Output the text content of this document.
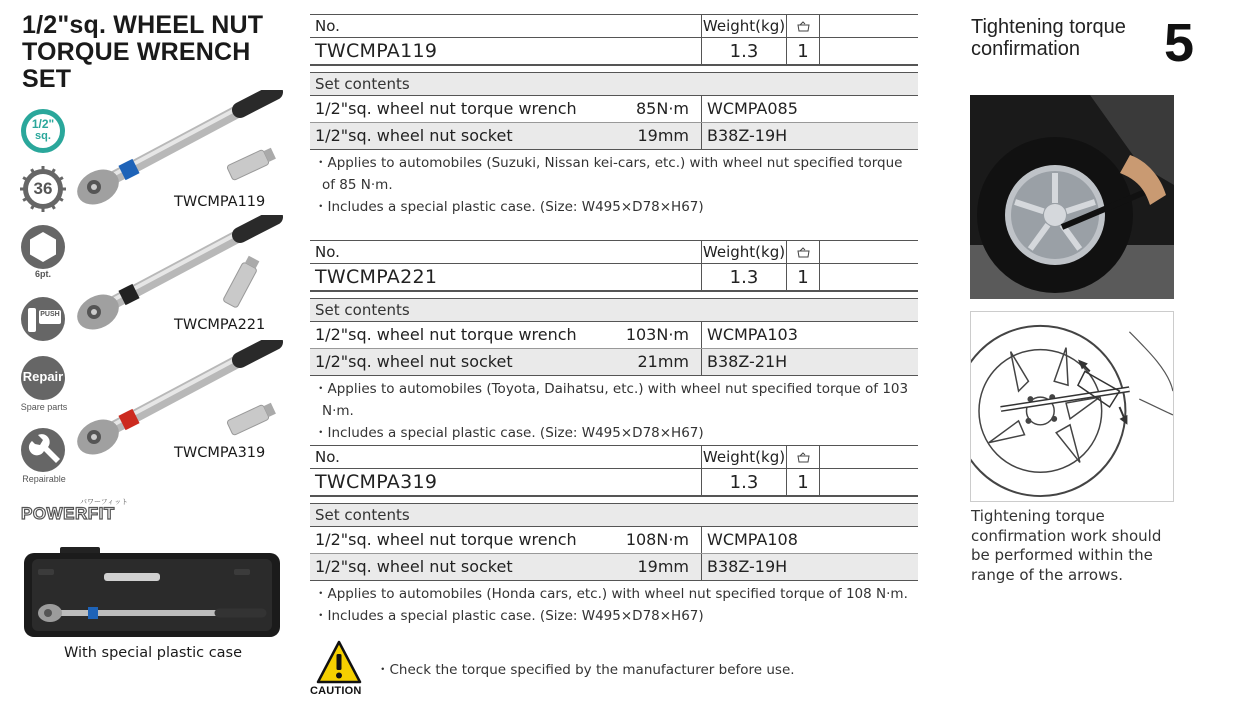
1/2"sq. WHEEL NUT TORQUE WRENCH SET
1/2"
sq.
36
6pt.
PUSH
Repair
Spare parts
Repairable
POWERFIT
パワーフィット
TWCMPA119
TWCMPA221
TWCMPA319
With special plastic case
No.	Weight(kg)
TWCMPA119	1.3	1
Set contents
1/2"sq. wheel nut torque wrench	85N·m	WCMPA085
1/2"sq. wheel nut socket	19mm	B38Z-19H
・Applies to automobiles (Suzuki, Nissan kei-cars, etc.) with wheel nut specified torque of 85 N·m.
・Includes a special plastic case. (Size: W495×D78×H67)
No.	Weight(kg)
TWCMPA221	1.3	1
Set contents
1/2"sq. wheel nut torque wrench	103N·m	WCMPA103
1/2"sq. wheel nut socket	21mm	B38Z-21H
・Applies to automobiles (Toyota, Daihatsu, etc.) with wheel nut specified torque of 103 N·m.
・Includes a special plastic case. (Size: W495×D78×H67)
No.	Weight(kg)
TWCMPA319	1.3	1
Set contents
1/2"sq. wheel nut torque wrench	108N·m	WCMPA108
1/2"sq. wheel nut socket	19mm	B38Z-19H
・Applies to automobiles (Honda cars, etc.) with wheel nut specified torque of 108 N·m.
・Includes a special plastic case. (Size: W495×D78×H67)
CAUTION
・Check the torque specified by the manufacturer before use.
Tightening torque confirmation	5
Tightening torque confirmation work should be performed within the range of the arrows.
